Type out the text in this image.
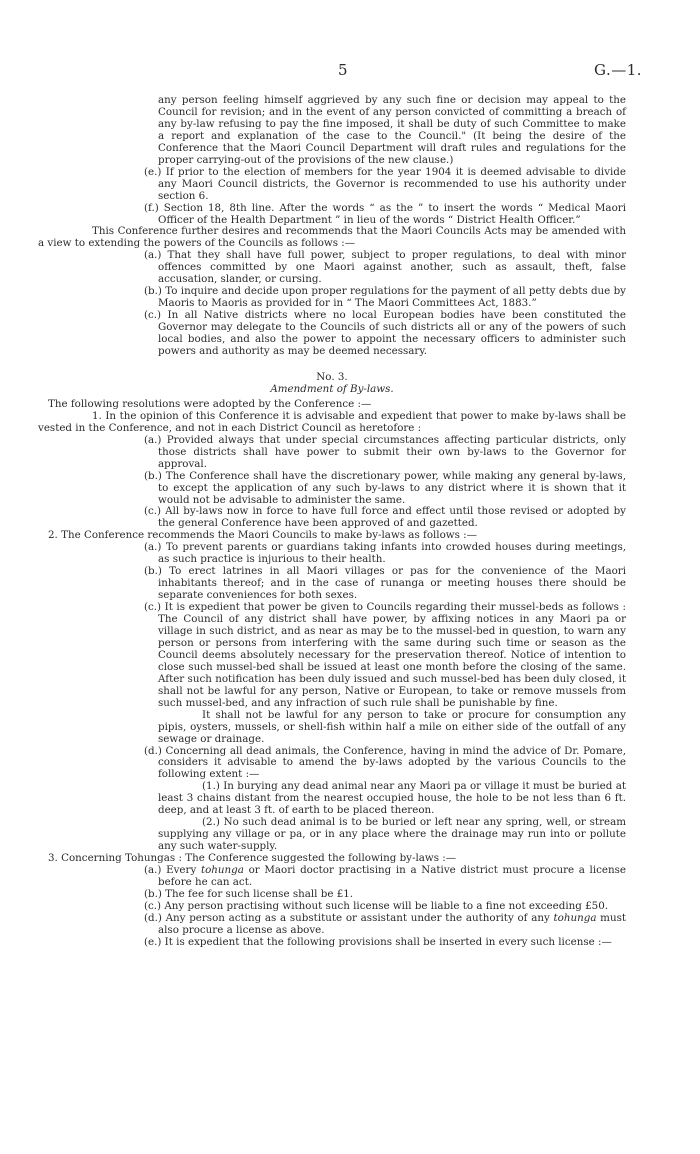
5	G.—1.

any person feeling himself aggrieved by any such fine or decision may appeal to the Council for revision; and in the event of any person convicted of committing a breach of any by-law refusing to pay the fine imposed, it shall be duty of such Committee to make a report and explanation of the case to the Council." (It being the desire of the Conference that the Maori Council Department will draft rules and regulations for the proper carrying-out of the provisions of the new clause.)

(e.) If prior to the election of members for the year 1904 it is deemed advisable to divide any Maori Council districts, the Governor is recommended to use his authority under section 6.

(f.) Section 18, 8th line. After the words “ as the ” to insert the words “ Medical Maori Officer of the Health Department ” in lieu of the words “ District Health Officer.”

This Conference further desires and recommends that the Maori Councils Acts may be amended with a view to extending the powers of the Councils as follows :—

(a.) That they shall have full power, subject to proper regulations, to deal with minor offences committed by one Maori against another, such as assault, theft, false accusation, slander, or cursing.

(b.) To inquire and decide upon proper regulations for the payment of all petty debts due by Maoris to Maoris as provided for in “ The Maori Committees Act, 1883.”

(c.) In all Native districts where no local European bodies have been constituted the Governor may delegate to the Councils of such districts all or any of the powers of such local bodies, and also the power to appoint the necessary officers to administer such powers and authority as may be deemed necessary.

No. 3.

Amendment of By-laws.

The following resolutions were adopted by the Conference :—

1. In the opinion of this Conference it is advisable and expedient that power to make by-laws shall be vested in the Conference, and not in each District Council as heretofore :

(a.) Provided always that under special circumstances affecting particular districts, only those districts shall have power to submit their own by-laws to the Governor for approval.

(b.) The Conference shall have the discretionary power, while making any general by-laws, to except the application of any such by-laws to any district where it is shown that it would not be advisable to administer the same.

(c.) All by-laws now in force to have full force and effect until those revised or adopted by the general Conference have been approved of and gazetted.

2. The Conference recommends the Maori Councils to make by-laws as follows :—

(a.) To prevent parents or guardians taking infants into crowded houses during meetings, as such practice is injurious to their health.

(b.) To erect latrines in all Maori villages or pas for the convenience of the Maori inhabitants thereof; and in the case of runanga or meeting houses there should be separate conveniences for both sexes.

(c.) It is expedient that power be given to Councils regarding their mussel-beds as follows : The Council of any district shall have power, by affixing notices in any Maori pa or village in such district, and as near as may be to the mussel-bed in question, to warn any person or persons from interfering with the same during such time or season as the Council deems absolutely necessary for the preservation thereof. Notice of intention to close such mussel-bed shall be issued at least one month before the closing of the same. After such notification has been duly issued and such mussel-bed has been duly closed, it shall not be lawful for any person, Native or European, to take or remove mussels from such mussel-bed, and any infraction of such rule shall be punishable by fine.

It shall not be lawful for any person to take or procure for consumption any pipis, oysters, mussels, or shell-fish within half a mile on either side of the outfall of any sewage or drainage.

(d.) Concerning all dead animals, the Conference, having in mind the advice of Dr. Pomare, considers it advisable to amend the by-laws adopted by the various Councils to the following extent :—

(1.) In burying any dead animal near any Maori pa or village it must be buried at least 3 chains distant from the nearest occupied house, the hole to be not less than 6 ft. deep, and at least 3 ft. of earth to be placed thereon.

(2.) No such dead animal is to be buried or left near any spring, well, or stream supplying any village or pa, or in any place where the drainage may run into or pollute any such water-supply.

3. Concerning Tohungas : The Conference suggested the following by-laws :—

(a.) Every tohunga or Maori doctor practising in a Native district must procure a license before he can act.

(b.) The fee for such license shall be £1.

(c.) Any person practising without such license will be liable to a fine not exceeding £50.

(d.) Any person acting as a substitute or assistant under the authority of any tohunga must also procure a license as above.

(e.) It is expedient that the following provisions shall be inserted in every such license :—
